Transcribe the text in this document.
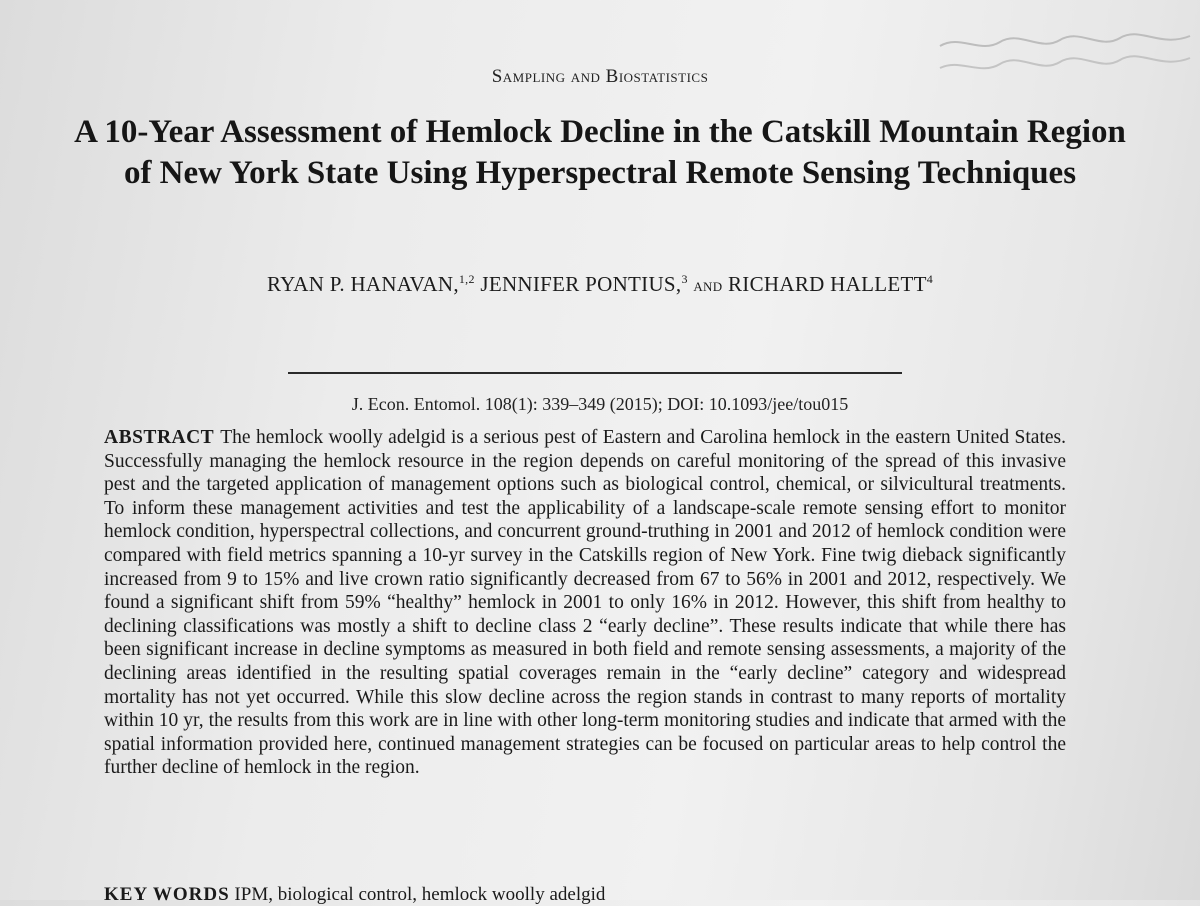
Sampling and Biostatistics
A 10-Year Assessment of Hemlock Decline in the Catskill Mountain Region of New York State Using Hyperspectral Remote Sensing Techniques
RYAN P. HANAVAN,$^{1,2}$ JENNIFER PONTIUS,$^3$ and RICHARD HALLETT$^4$
J. Econ. Entomol. 108(1): 339–349 (2015); DOI: 10.1093/jee/tou015
ABSTRACT The hemlock woolly adelgid is a serious pest of Eastern and Carolina hemlock in the eastern United States. Successfully managing the hemlock resource in the region depends on careful monitoring of the spread of this invasive pest and the targeted application of management options such as biological control, chemical, or silvicultural treatments. To inform these management activities and test the applicability of a landscape-scale remote sensing effort to monitor hemlock condition, hyperspectral collections, and concurrent ground-truthing in 2001 and 2012 of hemlock condition were compared with field metrics spanning a 10-yr survey in the Catskills region of New York. Fine twig dieback significantly increased from 9 to 15% and live crown ratio significantly decreased from 67 to 56% in 2001 and 2012, respectively. We found a significant shift from 59% “healthy” hemlock in 2001 to only 16% in 2012. However, this shift from healthy to declining classifications was mostly a shift to decline class 2 “early decline”. These results indicate that while there has been significant increase in decline symptoms as measured in both field and remote sensing assessments, a majority of the declining areas identified in the resulting spatial coverages remain in the “early decline” category and widespread mortality has not yet occurred. While this slow decline across the region stands in contrast to many reports of mortality within 10 yr, the results from this work are in line with other long-term monitoring studies and indicate that armed with the spatial information provided here, continued management strategies can be focused on particular areas to help control the further decline of hemlock in the region.
KEY WORDS IPM, biological control, hemlock woolly adelgid
